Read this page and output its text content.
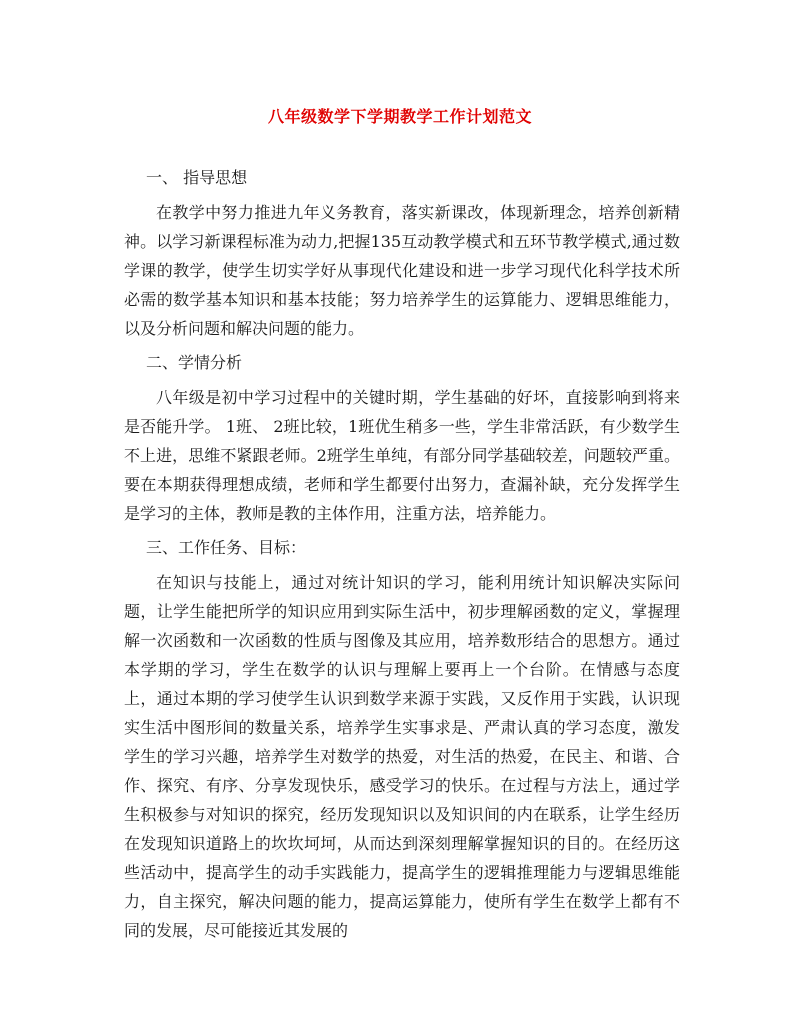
八年级数学下学期教学工作计划范文
一、 指导思想

在教学中努力推进九年义务教育，落实新课改，体现新理念，培养创新精神。以学习新课程标准为动力,把握135互动教学模式和五环节教学模式,通过数学课的教学，使学生切实学好从事现代化建设和进一步学习现代化科学技术所必需的数学基本知识和基本技能；努力培养学生的运算能力、逻辑思维能力，以及分析问题和解决问题的能力。

二、学情分析

八年级是初中学习过程中的关键时期，学生基础的好坏，直接影响到将来是否能升学。 1班、 2班比较，1班优生稍多一些，学生非常活跃，有少数学生不上进，思维不紧跟老师。2班学生单纯，有部分同学基础较差，问题较严重。要在本期获得理想成绩，老师和学生都要付出努力，查漏补缺，充分发挥学生是学习的主体，教师是教的主体作用，注重方法，培养能力。

三、工作任务、目标：

在知识与技能上，通过对统计知识的学习，能利用统计知识解决实际问题，让学生能把所学的知识应用到实际生活中，初步理解函数的定义，掌握理解一次函数和一次函数的性质与图像及其应用，培养数形结合的思想方。通过本学期的学习，学生在数学的认识与理解上要再上一个台阶。在情感与态度上，通过本期的学习使学生认识到数学来源于实践，又反作用于实践，认识现实生活中图形间的数量关系，培养学生实事求是、严肃认真的学习态度，激发学生的学习兴趣，培养学生对数学的热爱，对生活的热爱，在民主、和谐、合作、探究、有序、分享发现快乐，感受学习的快乐。在过程与方法上，通过学生积极参与对知识的探究，经历发现知识以及知识间的内在联系，让学生经历在发现知识道路上的坎坎坷坷，从而达到深刻理解掌握知识的目的。在经历这些活动中，提高学生的动手实践能力，提高学生的逻辑推理能力与逻辑思维能力，自主探究，解决问题的能力，提高运算能力，使所有学生在数学上都有不同的发展，尽可能接近其发展的
